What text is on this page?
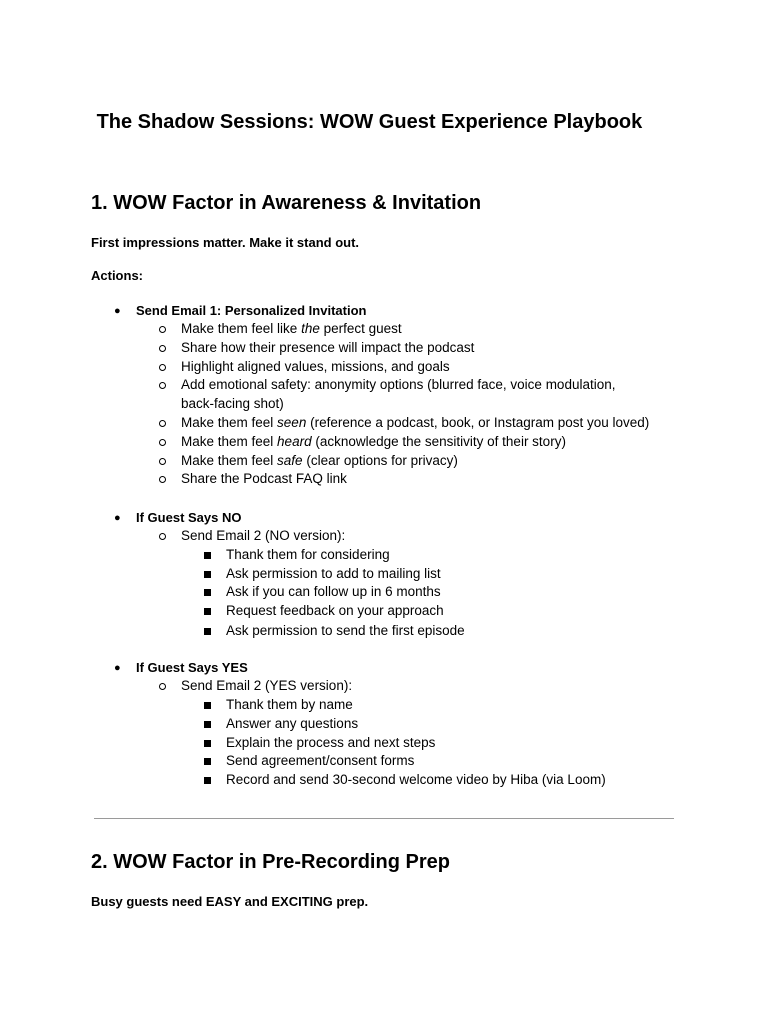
The Shadow Sessions: WOW Guest Experience Playbook
1. WOW Factor in Awareness & Invitation

First impressions matter. Make it stand out.

Actions:

● Send Email 1: Personalized Invitation
Make them feel like the perfect guest
Share how their presence will impact the podcast
Highlight aligned values, missions, and goals
Add emotional safety: anonymity options (blurred face, voice modulation,
back-facing shot)
Make them feel seen (reference a podcast, book, or Instagram post you loved)
Make them feel heard (acknowledge the sensitivity of their story)
Make them feel safe (clear options for privacy)
Share the Podcast FAQ link
● If Guest Says NO
Send Email 2 (NO version):
Thank them for considering
Ask permission to add to mailing list
Ask if you can follow up in 6 months
Request feedback on your approach
Ask permission to send the first episode
● If Guest Says YES
Send Email 2 (YES version):
Thank them by name
Answer any questions
Explain the process and next steps
Send agreement/consent forms
Record and send 30-second welcome video by Hiba (via Loom)
2. WOW Factor in Pre-Recording Prep

Busy guests need EASY and EXCITING prep.
